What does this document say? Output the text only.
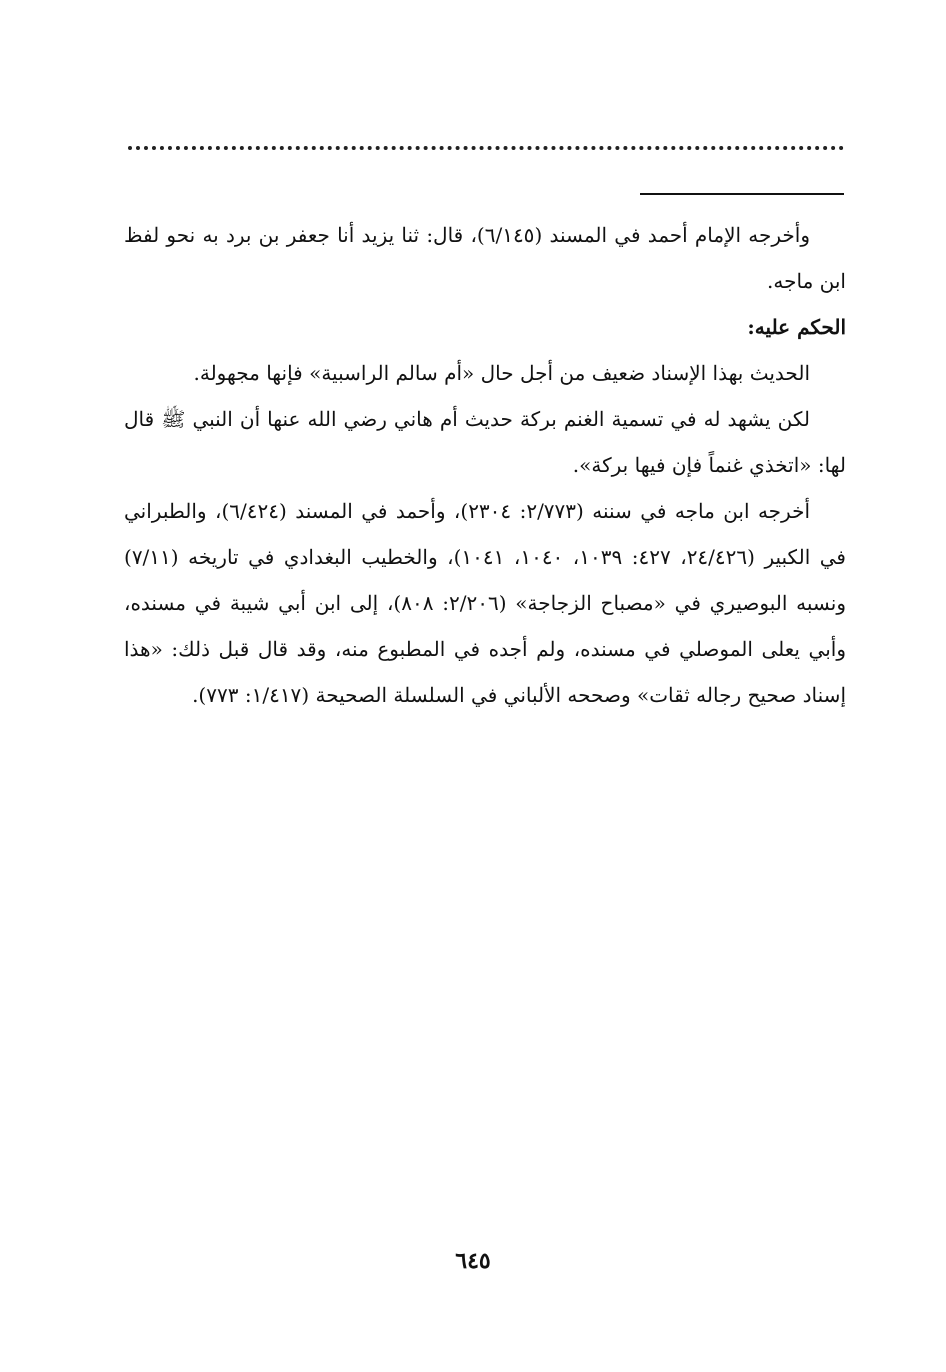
وأخرجه الإمام أحمد في المسند (٦/١٤٥)، قال: ثنا يزيد أنا جعفر بن برد به نحو لفظ ابن ماجه.

الحكم عليه:

الحديث بهذا الإسناد ضعيف من أجل حال «أم سالم الراسبية» فإنها مجهولة.

لكن يشهد له في تسمية الغنم بركة حديث أم هاني رضي الله عنها أن النبي ﷺ قال لها: «اتخذي غنماً فإن فيها بركة».

أخرجه ابن ماجه في سننه (٢/٧٧٣: ٢٣٠٤)، وأحمد في المسند (٦/٤٢٤)، والطبراني في الكبير (٢٤/٤٢٦، ٤٢٧: ١٠٣٩، ١٠٤٠، ١٠٤١)، والخطيب البغدادي في تاريخه (٧/١١) ونسبه البوصيري في «مصباح الزجاجة» (٢/٢٠٦: ٨٠٨)، إلى ابن أبي شيبة في مسنده، وأبي يعلى الموصلي في مسنده، ولم أجده في المطبوع منه، وقد قال قبل ذلك: «هذا إسناد صحيح رجاله ثقات» وصححه الألباني في السلسلة الصحيحة (١/٤١٧: ٧٧٣).

٦٤٥
